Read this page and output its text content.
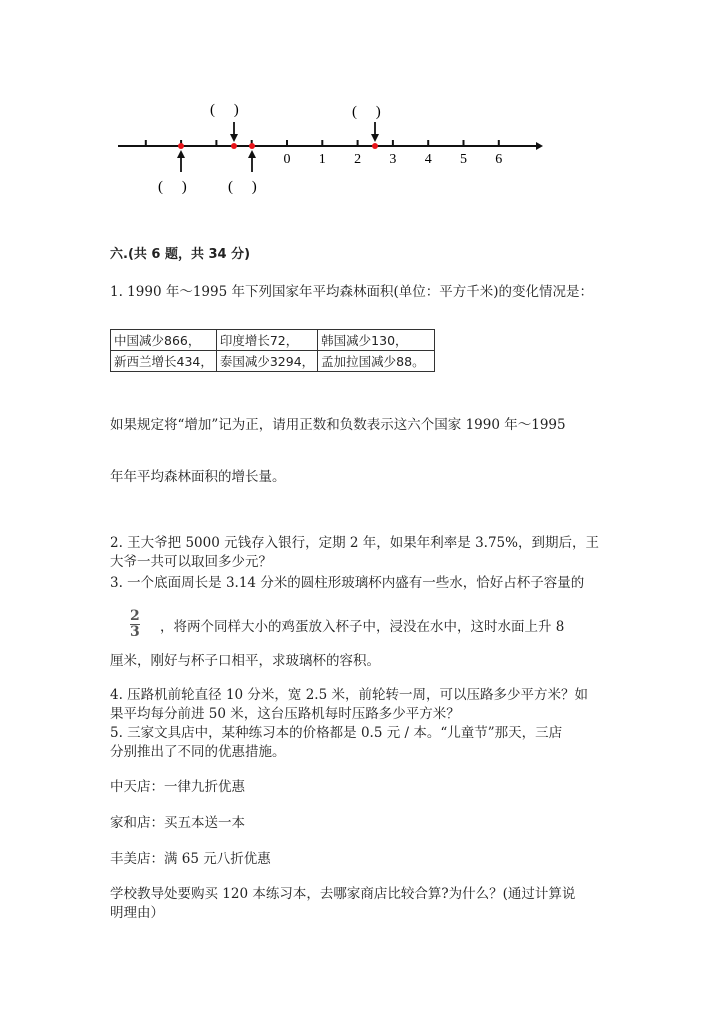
0 1 2 3 4 5 6
(     )	(     )
(     )	(     )
六.(共 6 题，共 34 分)
1. 1990 年～1995 年下列国家年平均森林面积(单位：平方千米)的变化情况是：
中国减少866，	印度增长72，	韩国减少130，
新西兰增长434，	泰国减少3294，	孟加拉国减少88。
如果规定将“增加”记为正，请用正数和负数表示这六个国家 1990 年～1995
年年平均森林面积的增长量。
2. 王大爷把 5000 元钱存入银行，定期 2 年，如果年利率是 3.75%，到期后，王
大爷一共可以取回多少元？
3. 一个底面周长是 3.14 分米的圆柱形玻璃杯内盛有一些水，恰好占杯子容量的
$\frac{2}{3}$ ，将两个同样大小的鸡蛋放入杯子中，浸没在水中，这时水面上升 8
厘米，刚好与杯子口相平，求玻璃杯的容积。
4. 压路机前轮直径 10 分米，宽 2.5 米，前轮转一周，可以压路多少平方米？如
果平均每分前进 50 米，这台压路机每时压路多少平方米？
5. 三家文具店中，某种练习本的价格都是 0.5 元 / 本。“儿童节”那天，三店
分别推出了不同的优惠措施。
中天店：一律九折优惠
家和店：买五本送一本
丰美店：满 65 元八折优惠
学校教导处要购买 120 本练习本，去哪家商店比较合算?为什么？(通过计算说
明理由）
